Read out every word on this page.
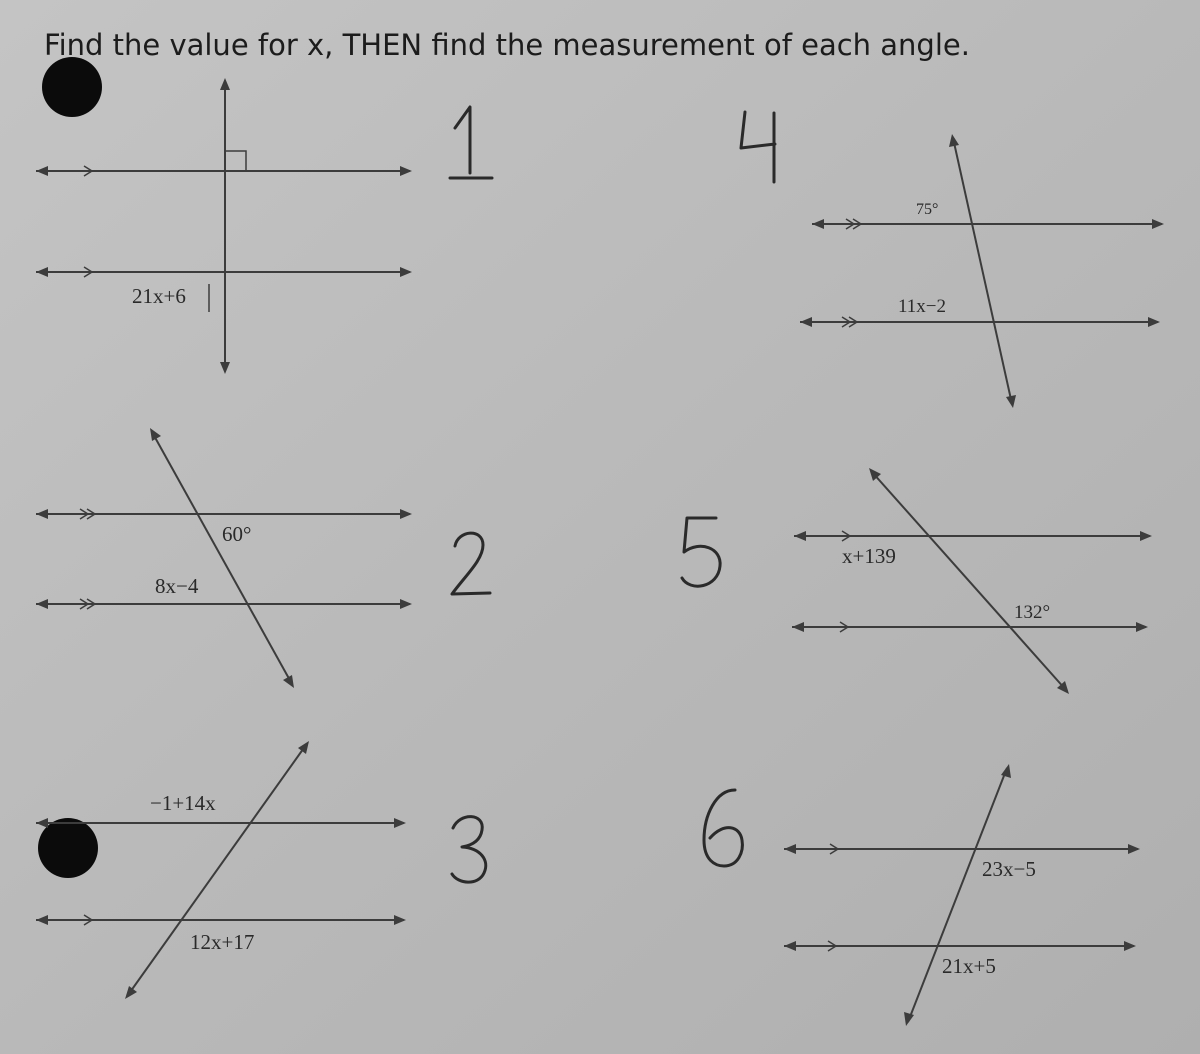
Find the value for x, THEN find the measurement of each angle.
21x+6
60°
8x−4
−1+14x
12x+17
75°
11x−2
x+139
132°
23x−5
21x+5
